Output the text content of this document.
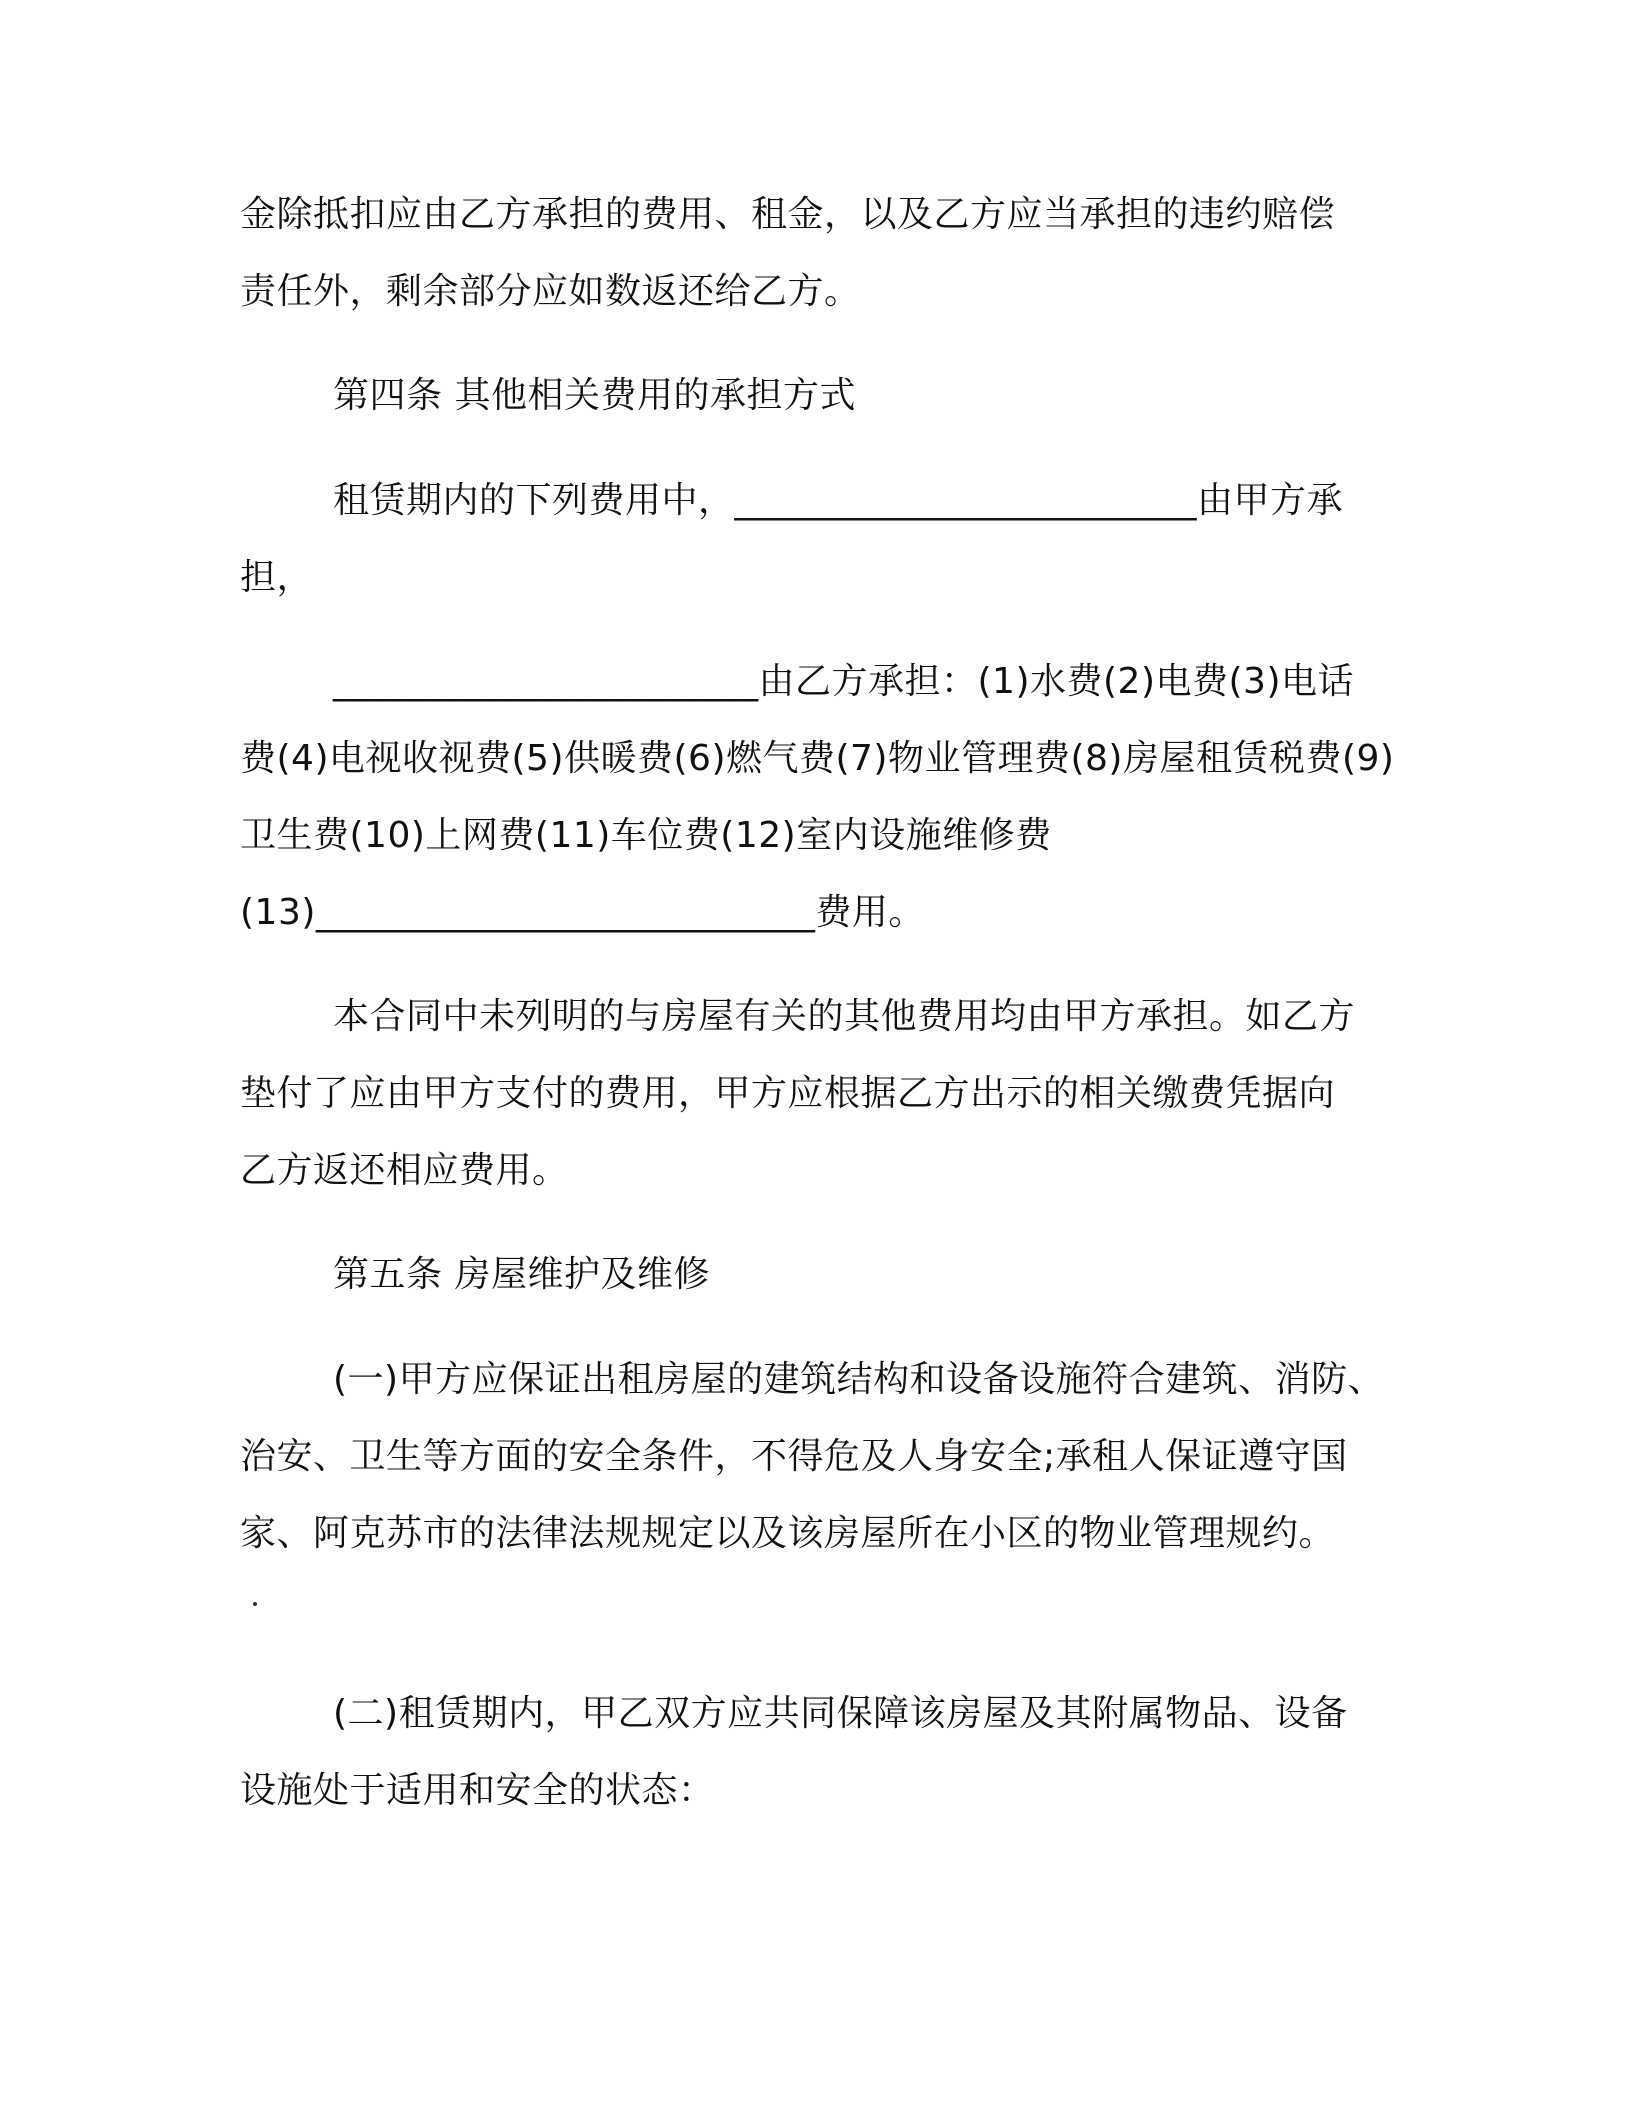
金除抵扣应由乙方承担的费用、租金，以及乙方应当承担的违约赔偿
责任外，剩余部分应如数返还给乙方。
第四条 其他相关费用的承担方式
租赁期内的下列费用中，_________________________由甲方承
担，
_______________________由乙方承担：(1)水费(2)电费(3)电话
费(4)电视收视费(5)供暖费(6)燃气费(7)物业管理费(8)房屋租赁税费(9)
卫生费(10)上网费(11)车位费(12)室内设施维修费
(13)___________________________费用。
本合同中未列明的与房屋有关的其他费用均由甲方承担。如乙方
垫付了应由甲方支付的费用，甲方应根据乙方出示的相关缴费凭据向
乙方返还相应费用。
第五条 房屋维护及维修
(一)甲方应保证出租房屋的建筑结构和设备设施符合建筑、消防、
治安、卫生等方面的安全条件，不得危及人身安全;承租人保证遵守国
家、阿克苏市的法律法规规定以及该房屋所在小区的物业管理规约。
(二)租赁期内，甲乙双方应共同保障该房屋及其附属物品、设备
设施处于适用和安全的状态：
